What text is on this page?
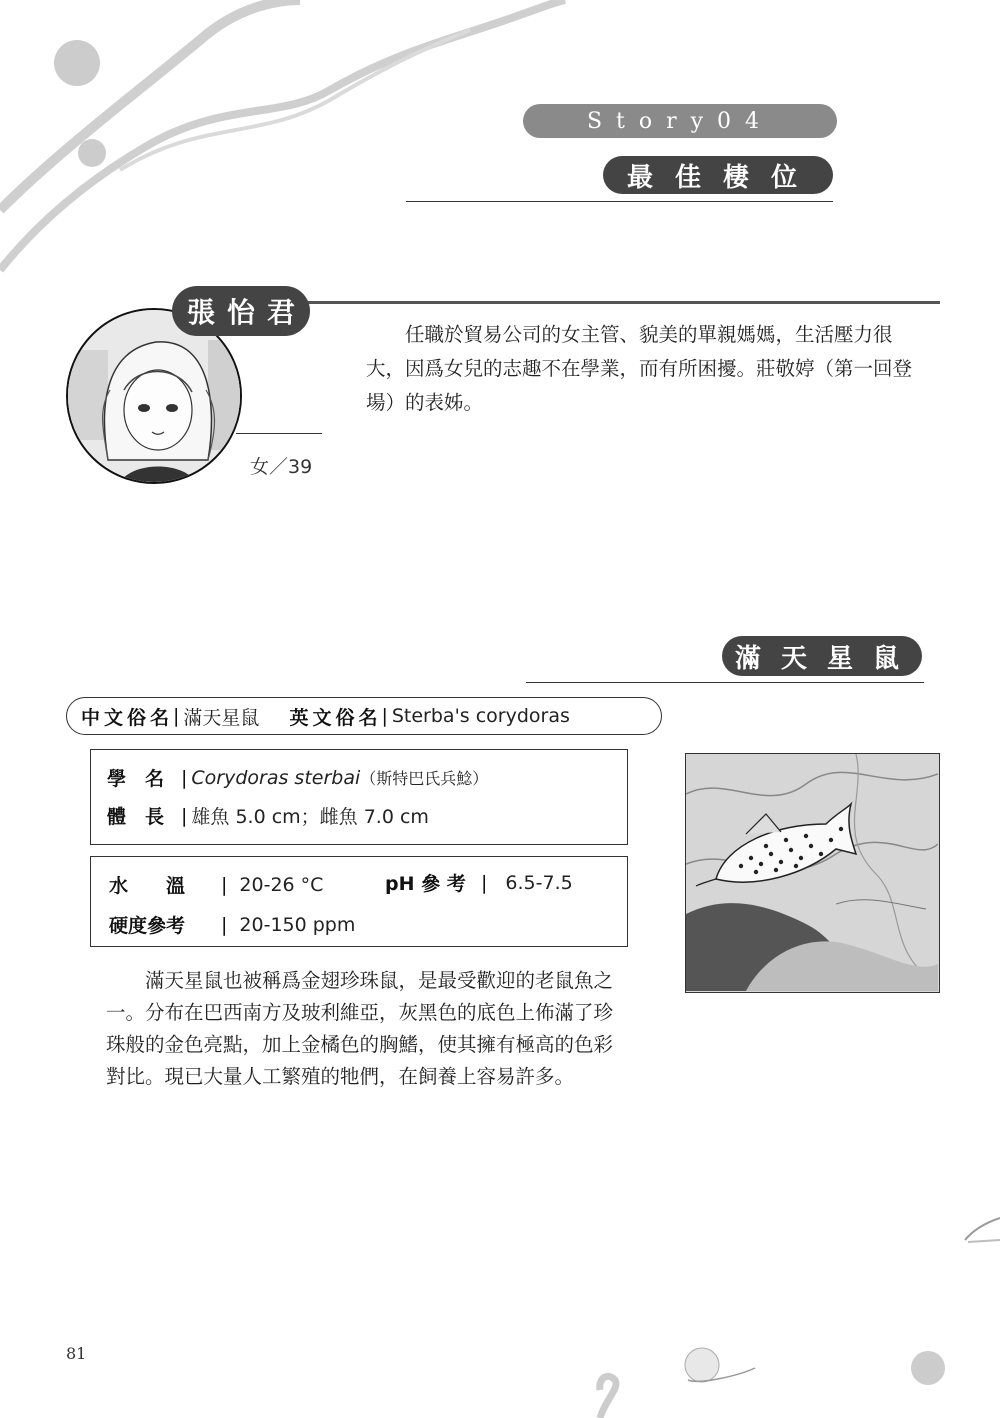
Story04
最佳棲位
張怡君
任職於貿易公司的女主管、貌美的單親媽媽，生活壓力很大，因爲女兒的志趣不在學業，而有所困擾。莊敬婷（第一回登場）的表姊。
女／39
滿天星鼠
中文俗名 | 滿天星鼠 英文俗名 | Sterba's corydoras
學　名 | Corydoras sterbai （斯特巴氏兵鯰）
體　長 | 雄魚 5.0 cm；雌魚 7.0 cm
水　　溫	| 20-26 °C	pH 參 考 | 6.5-7.5
硬度參考	| 20-150 ppm
滿天星鼠也被稱爲金翅珍珠鼠，是最受歡迎的老鼠魚之一。分布在巴西南方及玻利維亞，灰黑色的底色上佈滿了珍珠般的金色亮點，加上金橘色的胸鰭，使其擁有極高的色彩對比。現已大量人工繁殖的牠們，在飼養上容易許多。
81
